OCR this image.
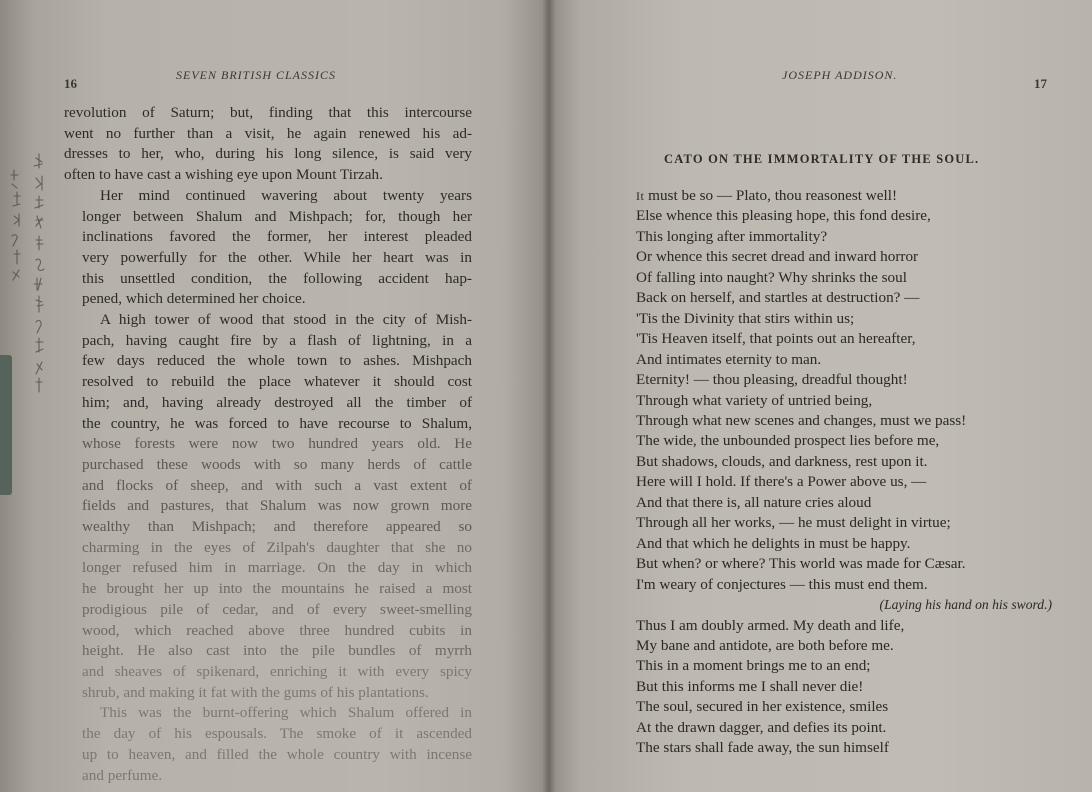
SEVEN BRITISH CLASSICS
16

revolution of Saturn; but, finding that this intercourse
went no further than a visit, he again renewed his ad-
dresses to her, who, during his long silence, is said very
often to have cast a wishing eye upon Mount Tirzah.

Her mind continued wavering about twenty years
longer between Shalum and Mishpach; for, though her
inclinations favored the former, her interest pleaded
very powerfully for the other. While her heart was in
this unsettled condition, the following accident hap-
pened, which determined her choice.

A high tower of wood that stood in the city of Mish-
pach, having caught fire by a flash of lightning, in a
few days reduced the whole town to ashes. Mishpach
resolved to rebuild the place whatever it should cost
him; and, having already destroyed all the timber of
the country, he was forced to have recourse to Shalum,
whose forests were now two hundred years old. He
purchased these woods with so many herds of cattle
and flocks of sheep, and with such a vast extent of
fields and pastures, that Shalum was now grown more
wealthy than Mishpach; and therefore appeared so
charming in the eyes of Zilpah's daughter that she no
longer refused him in marriage. On the day in which
he brought her up into the mountains he raised a most
prodigious pile of cedar, and of every sweet-smelling
wood, which reached above three hundred cubits in
height. He also cast into the pile bundles of myrrh
and sheaves of spikenard, enriching it with every spicy
shrub, and making it fat with the gums of his plantations.

This was the burnt-offering which Shalum offered in
the day of his espousals. The smoke of it ascended
up to heaven, and filled the whole country with incense
and perfume.

JOSEPH ADDISON.
17
CATO ON THE IMMORTALITY OF THE SOUL.
It must be so — Plato, thou reasonest well!
Else whence this pleasing hope, this fond desire,
This longing after immortality?
Or whence this secret dread and inward horror
Of falling into naught? Why shrinks the soul
Back on herself, and startles at destruction? —
'Tis the Divinity that stirs within us;
'Tis Heaven itself, that points out an hereafter,
And intimates eternity to man.
Eternity! — thou pleasing, dreadful thought!
Through what variety of untried being,
Through what new scenes and changes, must we pass!
The wide, the unbounded prospect lies before me,
But shadows, clouds, and darkness, rest upon it.
Here will I hold. If there's a Power above us, —
And that there is, all nature cries aloud
Through all her works, — he must delight in virtue;
And that which he delights in must be happy.
But when? or where? This world was made for Cæsar.
I'm weary of conjectures — this must end them.
(Laying his hand on his sword.)
Thus I am doubly armed. My death and life,
My bane and antidote, are both before me.
This in a moment brings me to an end;
But this informs me I shall never die!
The soul, secured in her existence, smiles
At the drawn dagger, and defies its point.
The stars shall fade away, the sun himself
